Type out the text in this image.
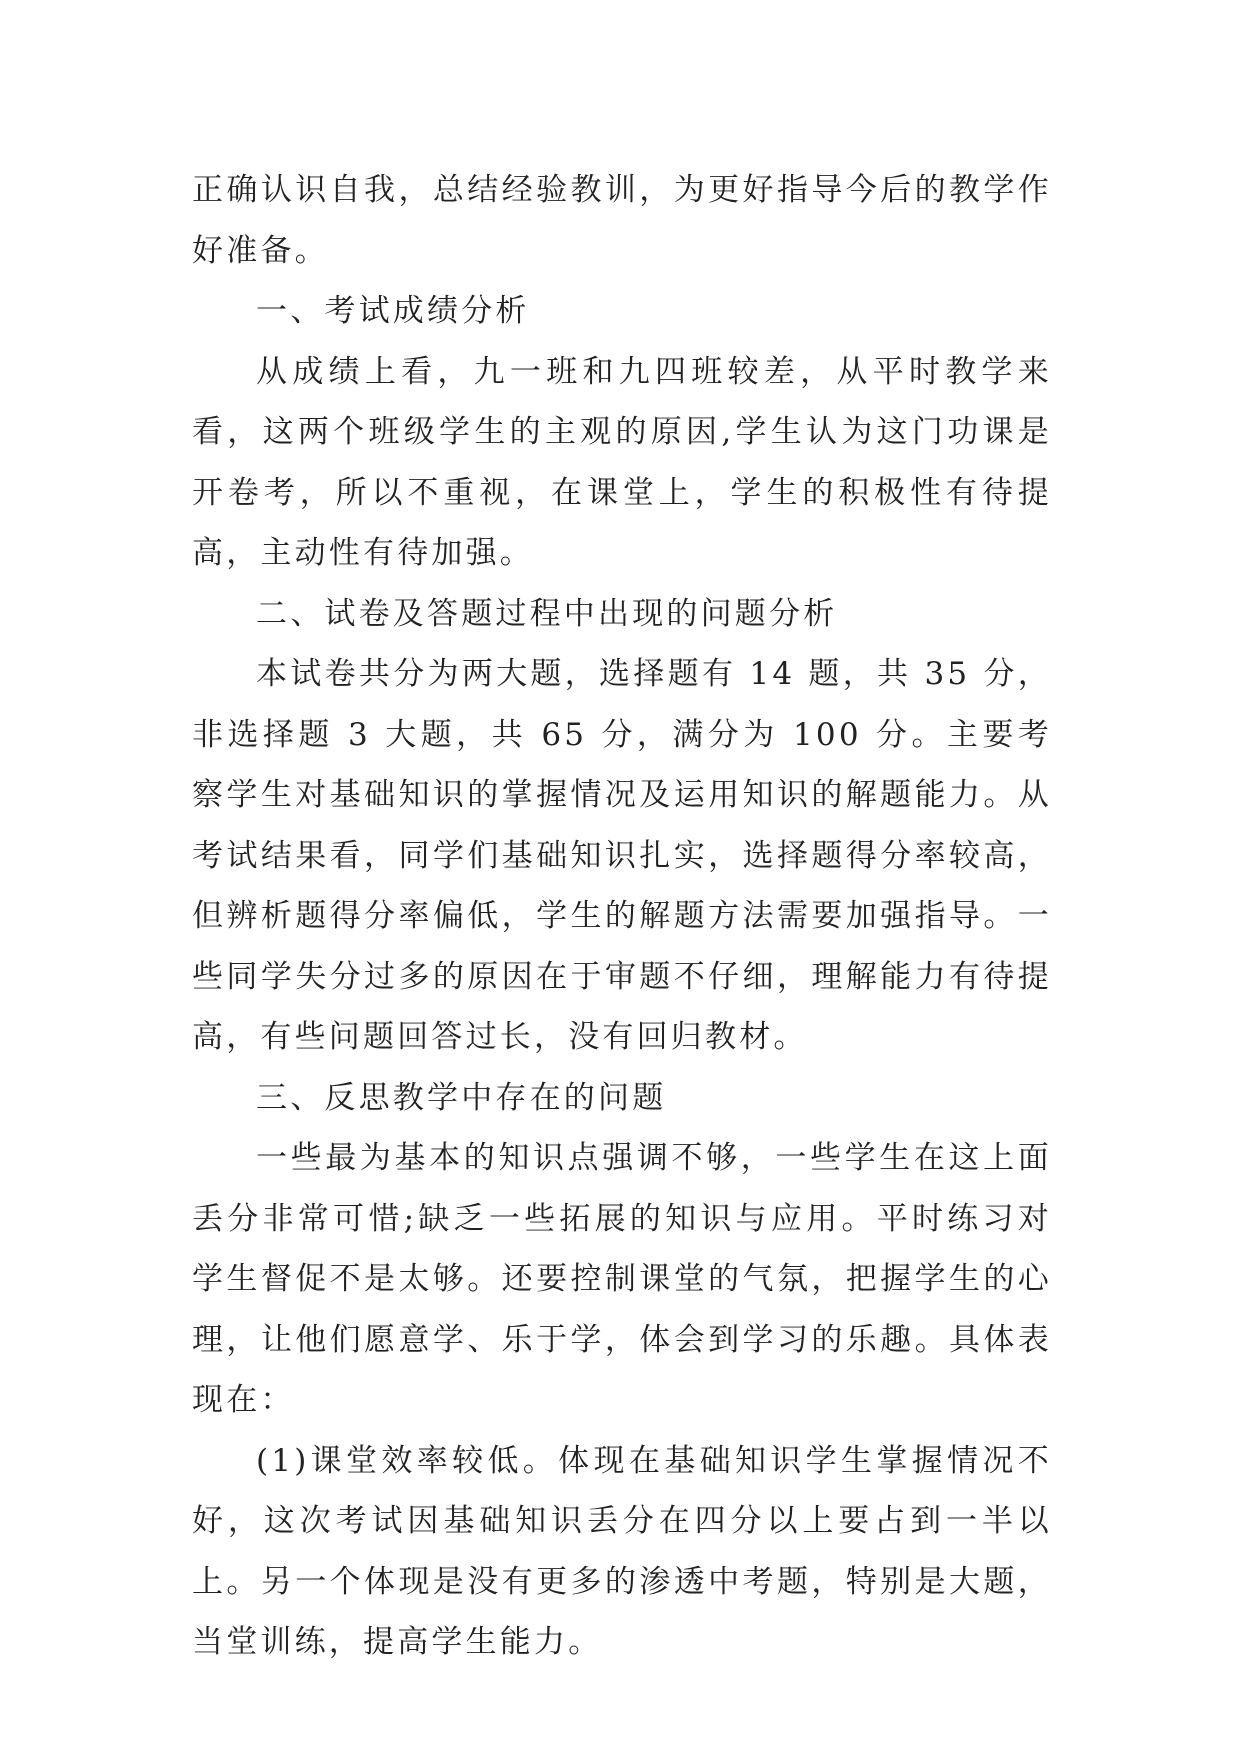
正确认识自我，总结经验教训，为更好指导今后的教学作好准备。

一、考试成绩分析

从成绩上看，九一班和九四班较差，从平时教学来看，这两个班级学生的主观的原因,学生认为这门功课是开卷考，所以不重视，在课堂上，学生的积极性有待提高，主动性有待加强。

二、试卷及答题过程中出现的问题分析

本试卷共分为两大题，选择题有 14 题，共 35 分，非选择题 3 大题，共 65 分，满分为 100 分。主要考察学生对基础知识的掌握情况及运用知识的解题能力。从考试结果看，同学们基础知识扎实，选择题得分率较高，但辨析题得分率偏低，学生的解题方法需要加强指导。一些同学失分过多的原因在于审题不仔细，理解能力有待提高，有些问题回答过长，没有回归教材。

三、反思教学中存在的问题

一些最为基本的知识点强调不够，一些学生在这上面丢分非常可惜;缺乏一些拓展的知识与应用。平时练习对学生督促不是太够。还要控制课堂的气氛，把握学生的心理，让他们愿意学、乐于学，体会到学习的乐趣。具体表现在：

(1)课堂效率较低。体现在基础知识学生掌握情况不好，这次考试因基础知识丢分在四分以上要占到一半以上。另一个体现是没有更多的渗透中考题，特别是大题，当堂训练，提高学生能力。
